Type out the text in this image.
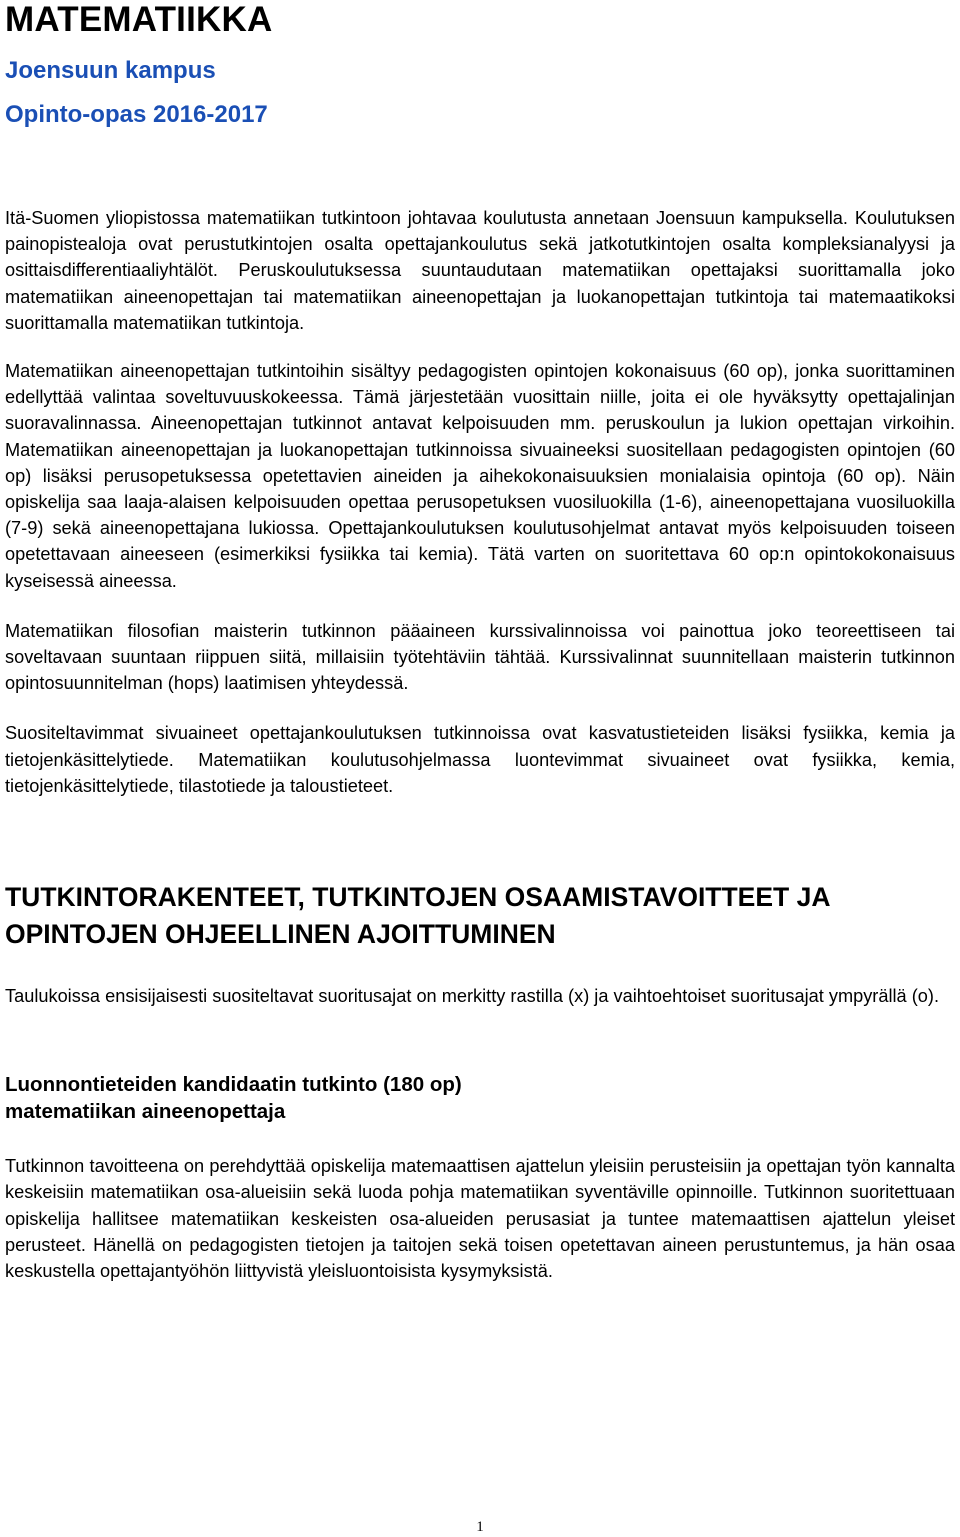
MATEMATIIKKA
Joensuun kampus
Opinto-opas 2016-2017

Itä-Suomen yliopistossa matematiikan tutkintoon johtavaa koulutusta annetaan Joensuun kampuksella. Koulutuksen painopistealoja ovat perustutkintojen osalta opettajankoulutus sekä jatkotutkintojen osalta kompleksianalyysi ja osittaisdifferentiaaliyhtälöt. Peruskoulutuksessa suuntaudutaan matematiikan opettajaksi suorittamalla joko matematiikan aineenopettajan tai matematiikan aineenopettajan ja luokanopettajan tutkintoja tai matemaatikoksi suorittamalla matematiikan tutkintoja.

Matematiikan aineenopettajan tutkintoihin sisältyy pedagogisten opintojen kokonaisuus (60 op), jonka suorittaminen edellyttää valintaa soveltuvuuskokeessa. Tämä järjestetään vuosittain niille, joita ei ole hyväksytty opettajalinjan suoravalinnassa. Aineenopettajan tutkinnot antavat kelpoisuuden mm. peruskoulun ja lukion opettajan virkoihin. Matematiikan aineenopettajan ja luokanopettajan tutkinnoissa sivuaineeksi suositellaan pedagogisten opintojen (60 op) lisäksi perusopetuksessa opetettavien aineiden ja aihekokonaisuuksien monialaisia opintoja (60 op). Näin opiskelija saa laaja-alaisen kelpoisuuden opettaa perusopetuksen vuosiluokilla (1-6), aineenopettajana vuosiluokilla (7-9) sekä aineenopettajana lukiossa. Opettajankoulutuksen koulutusohjelmat antavat myös kelpoisuuden toiseen opetettavaan aineeseen (esimerkiksi fysiikka tai kemia). Tätä varten on suoritettava 60 op:n opintokokonaisuus kyseisessä aineessa.

Matematiikan filosofian maisterin tutkinnon pääaineen kurssivalinnoissa voi painottua joko teoreettiseen tai soveltavaan suuntaan riippuen siitä, millaisiin työtehtäviin tähtää. Kurssivalinnat suunnitellaan maisterin tutkinnon opintosuunnitelman (hops) laatimisen yhteydessä.

Suositeltavimmat sivuaineet opettajankoulutuksen tutkinnoissa ovat kasvatustieteiden lisäksi fysiikka, kemia ja tietojenkäsittelytiede. Matematiikan koulutusohjelmassa luontevimmat sivuaineet ovat fysiikka, kemia, tietojenkäsittelytiede, tilastotiede ja taloustieteet.

TUTKINTORAKENTEET, TUTKINTOJEN OSAAMISTAVOITTEET JA OPINTOJEN OHJEELLINEN AJOITTUMINEN

Taulukoissa ensisijaisesti suositeltavat suoritusajat on merkitty rastilla (x) ja vaihtoehtoiset suoritusajat ympyrällä (o).

Luonnontieteiden kandidaatin tutkinto (180 op)
matematiikan aineenopettaja

Tutkinnon tavoitteena on perehdyttää opiskelija matemaattisen ajattelun yleisiin perusteisiin ja opettajan työn kannalta keskeisiin matematiikan osa-alueisiin sekä luoda pohja matematiikan syventäville opinnoille. Tutkinnon suoritettuaan opiskelija hallitsee matematiikan keskeisten osa-alueiden perusasiat ja tuntee matemaattisen ajattelun yleiset perusteet. Hänellä on pedagogisten tietojen ja taitojen sekä toisen opetettavan aineen perustuntemus, ja hän osaa keskustella opettajantyöhön liittyvistä yleisluontoisista kysymyksistä.

1
